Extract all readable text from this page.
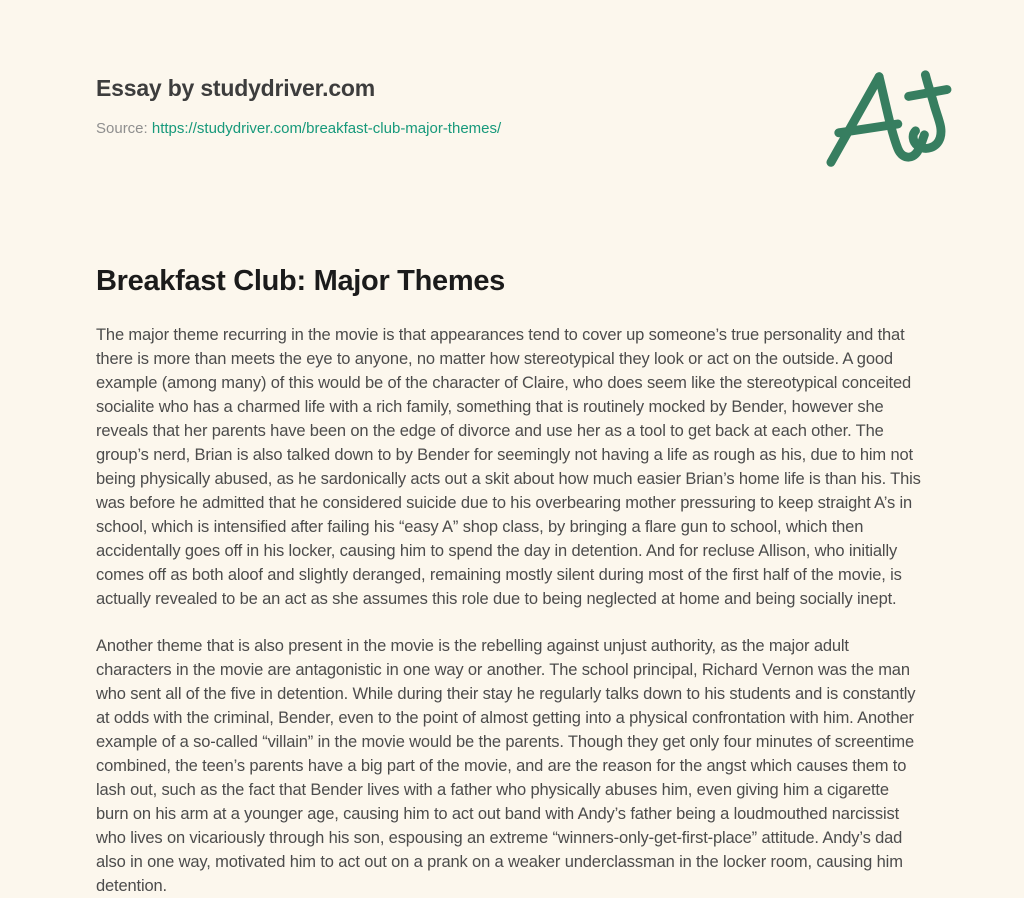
Essay by studydriver.com
Source: https://studydriver.com/breakfast-club-major-themes/
Breakfast Club: Major Themes

The major theme recurring in the movie is that appearances tend to cover up someone’s true personality and that there is more than meets the eye to anyone, no matter how stereotypical they look or act on the outside. A good example (among many) of this would be of the character of Claire, who does seem like the stereotypical conceited socialite who has a charmed life with a rich family, something that is routinely mocked by Bender, however she reveals that her parents have been on the edge of divorce and use her as a tool to get back at each other. The group’s nerd, Brian is also talked down to by Bender for seemingly not having a life as rough as his, due to him not being physically abused, as he sardonically acts out a skit about how much easier Brian’s home life is than his. This was before he admitted that he considered suicide due to his overbearing mother pressuring to keep straight A’s in school, which is intensified after failing his “easy A” shop class, by bringing a flare gun to school, which then accidentally goes off in his locker, causing him to spend the day in detention. And for recluse Allison, who initially comes off as both aloof and slightly deranged, remaining mostly silent during most of the first half of the movie, is actually revealed to be an act as she assumes this role due to being neglected at home and being socially inept.

Another theme that is also present in the movie is the rebelling against unjust authority, as the major adult characters in the movie are antagonistic in one way or another. The school principal, Richard Vernon was the man who sent all of the five in detention. While during their stay he regularly talks down to his students and is constantly at odds with the criminal, Bender, even to the point of almost getting into a physical confrontation with him. Another example of a so-called “villain” in the movie would be the parents. Though they get only four minutes of screentime combined, the teen’s parents have a big part of the movie, and are the reason for the angst which causes them to lash out, such as the fact that Bender lives with a father who physically abuses him, even giving him a cigarette burn on his arm at a younger age, causing him to act out band with Andy’s father being a loudmouthed narcissist who lives on vicariously through his son, espousing an extreme “winners-only-get-first-place” attitude. Andy’s dad also in one way, motivated him to act out on a prank on a weaker underclassman in the locker room, causing him detention.
